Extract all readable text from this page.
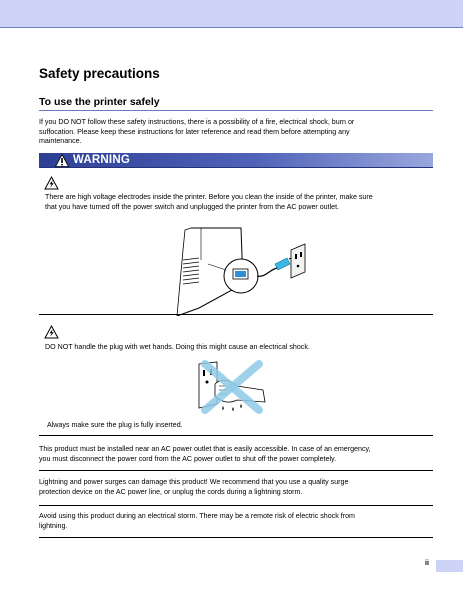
Safety precautions
To use the printer safely
If you DO NOT follow these safety instructions, there is a possibility of a fire, electrical shock, burn or
suffocation. Please keep these instructions for later reference and read them before attempting any
maintenance.
WARNING
There are high voltage electrodes inside the printer. Before you clean the inside of the printer, make sure
that you have turned off the power switch and unplugged the printer from the AC power outlet.
DO NOT handle the plug with wet hands. Doing this might cause an electrical shock.
Always make sure the plug is fully inserted.
This product must be installed near an AC power outlet that is easily accessible. In case of an emergency,
you must disconnect the power cord from the AC power outlet to shut off the power completely.
Lightning and power surges can damage this product! We recommend that you use a quality surge
protection device on the AC power line, or unplug the cords during a lightning storm.
Avoid using this product during an electrical storm. There may be a remote risk of electric shock from
lightning.
ii
